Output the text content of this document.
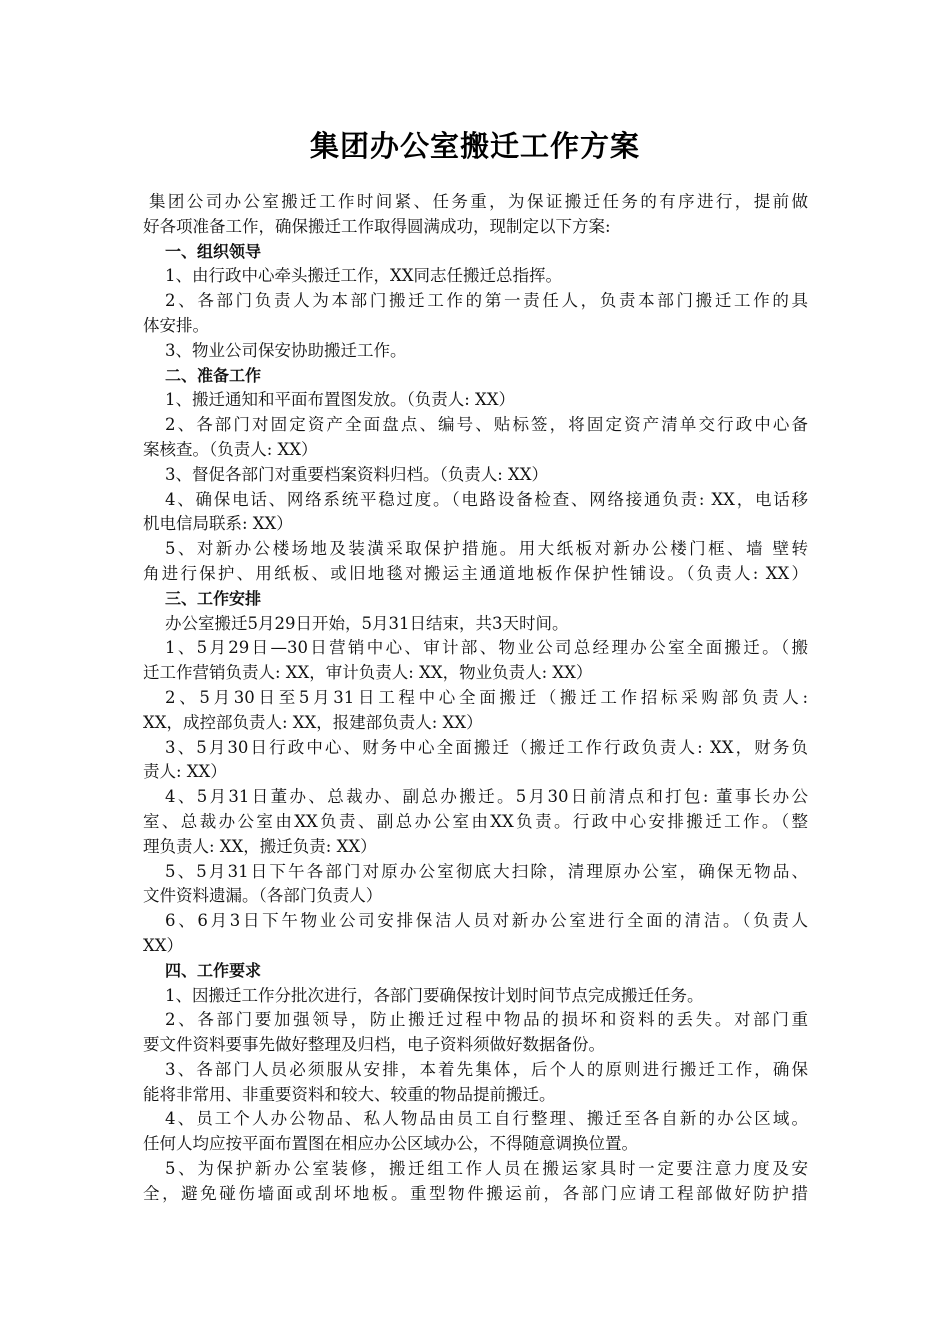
集团办公室搬迁工作方案
集团公司办公室搬迁工作时间紧、任务重，为保证搬迁任务的有序进行，提前做
好各项准备工作，确保搬迁工作取得圆满成功，现制定以下方案:
一、组织领导
1、由行政中心牵头搬迁工作，XX同志任搬迁总指挥。
2、各部门负责人为本部门搬迁工作的第一责任人，负责本部门搬迁工作的具
体安排。
3、物业公司保安协助搬迁工作。
二、准备工作
1、搬迁通知和平面布置图发放。（负责人: XX）
2、各部门对固定资产全面盘点、编号、贴标签，将固定资产清单交行政中心备
案核查。（负责人: XX）
3、督促各部门对重要档案资料归档。（负责人: XX）
4、确保电话、网络系统平稳过度。（电路设备检查、网络接通负责: XX，电话移
机电信局联系: XX）
5、对新办公楼场地及装潢采取保护措施。用大纸板对新办公楼门框、墙 壁转
角进行保护、用纸板、或旧地毯对搬运主通道地板作保护性铺设。（负责人: XX）
三、工作安排
办公室搬迁5月29日开始，5月31日结束，共3天时间。
1、5月29日—30日营销中心、审计部、物业公司总经理办公室全面搬迁。（搬
迁工作营销负责人: XX，审计负责人: XX，物业负责人: XX）
2、5月30日至5月31日工程中心全面搬迁（搬迁工作招标采购部负责人:
XX，成控部负责人: XX，报建部负责人: XX）
3、5月30日行政中心、财务中心全面搬迁（搬迁工作行政负责人: XX，财务负
责人: XX）
4、5月31日董办、总裁办、副总办搬迁。5月30日前清点和打包: 董事长办公
室、总裁办公室由XX负责、副总办公室由XX负责。行政中心安排搬迁工作。（整
理负责人: XX，搬迁负责: XX）
5、5月31日下午各部门对原办公室彻底大扫除，清理原办公室，确保无物品、
文件资料遗漏。（各部门负责人）
6、6月3日下午物业公司安排保洁人员对新办公室进行全面的清洁。（负责人
XX）
四、工作要求
1、因搬迁工作分批次进行，各部门要确保按计划时间节点完成搬迁任务。
2、各部门要加强领导，防止搬迁过程中物品的损坏和资料的丢失。对部门重
要文件资料要事先做好整理及归档，电子资料须做好数据备份。
3、各部门人员必须服从安排，本着先集体，后个人的原则进行搬迁工作，确保
能将非常用、非重要资料和较大、较重的物品提前搬迁。
4、员工个人办公物品、私人物品由员工自行整理、搬迁至各自新的办公区域。
任何人均应按平面布置图在相应办公区域办公，不得随意调换位置。
5、为保护新办公室装修，搬迁组工作人员在搬运家具时一定要注意力度及安
全，避免碰伤墙面或刮坏地板。重型物件搬运前，各部门应请工程部做好防护措
